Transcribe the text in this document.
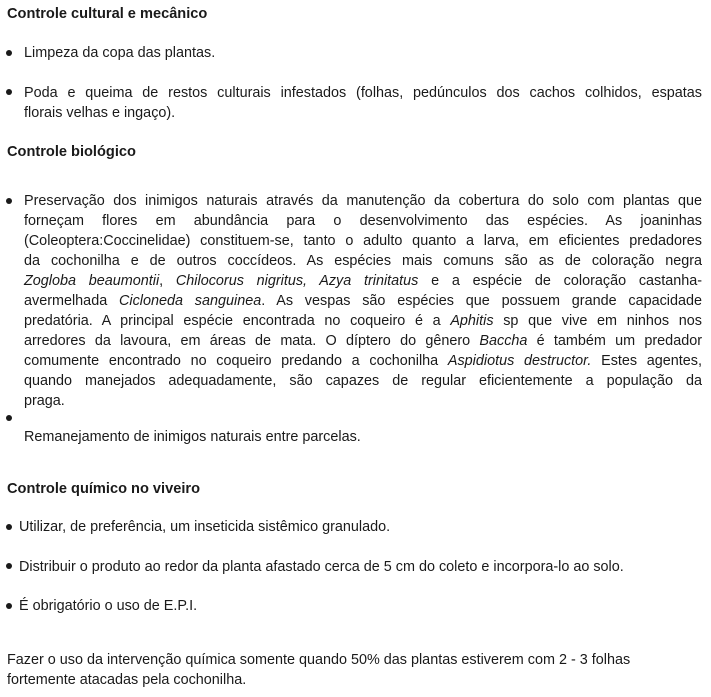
Controle cultural e mecânico
Limpeza da copa das plantas.
Poda e queima de restos culturais infestados (folhas, pedúnculos dos cachos colhidos, espatas
florais velhas e ingaço).
Controle biológico
Preservação dos inimigos naturais através da manutenção da cobertura do solo com plantas que
forneçam flores em abundância para o desenvolvimento das espécies. As joaninhas
(Coleoptera:Coccinelidae) constituem-se, tanto o adulto quanto a larva, em eficientes predadores
da cochonilha e de outros coccídeos. As espécies mais comuns são as de coloração negra
Zogloba beaumontii, Chilocorus nigritus, Azya trinitatus e a espécie de coloração castanha-
avermelhada Cicloneda sanguinea. As vespas são espécies que possuem grande capacidade
predatória. A principal espécie encontrada no coqueiro é a Aphitis sp que vive em ninhos nos
arredores da lavoura, em áreas de mata. O díptero do gênero Baccha é também um predador
comumente encontrado no coqueiro predando a cochonilha Aspidiotus destructor. Estes agentes,
quando manejados adequadamente, são capazes de regular eficientemente a população da
praga.
Remanejamento de inimigos naturais entre parcelas.
Controle químico no viveiro
Utilizar, de preferência, um inseticida sistêmico granulado.
Distribuir o produto ao redor da planta afastado cerca de 5 cm do coleto e incorpora-lo ao solo.
É obrigatório o uso de E.P.I.
Fazer o uso da intervenção química somente quando 50% das plantas estiverem com 2 - 3 folhas
fortemente atacadas pela cochonilha.
